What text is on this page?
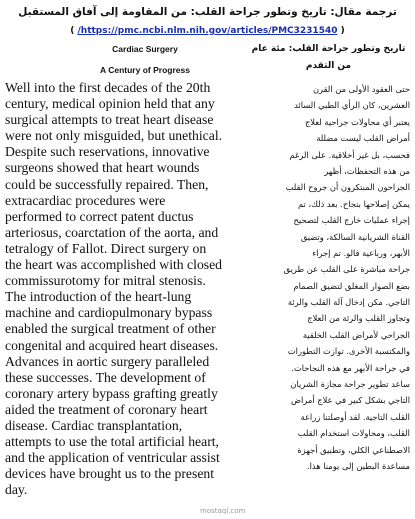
ترجمة مقال: تاريخ وتطور جراحة القلب: من المقاومة إلى آفاق المستقبل
( /https://pmc.ncbi.nlm.nih.gov/articles/PMC3231540 )
Cardiac Surgery
A Century of Progress
Well into the first decades of the 20th
century, medical opinion held that any
surgical attempts to treat heart disease
were not only misguided, but unethical.
Despite such reservations, innovative
surgeons showed that heart wounds
could be successfully repaired. Then,
extracardiac procedures were
performed to correct patent ductus
arteriosus, coarctation of the aorta, and
tetralogy of Fallot. Direct surgery on
the heart was accomplished with closed
commissurotomy for mitral stenosis.
The introduction of the heart-lung
machine and cardiopulmonary bypass
enabled the surgical treatment of other
congenital and acquired heart diseases.
Advances in aortic surgery paralleled
these successes. The development of
coronary artery bypass grafting greatly
aided the treatment of coronary heart
disease. Cardiac transplantation,
attempts to use the total artificial heart,
and the application of ventricular assist
devices have brought us to the present
day.
تاريخ وتطور جراحة القلب: مئة عام
من التقدم
حتى العقود الأولى من القرن
العشرين، كان الرأي الطبي السائد
يعتبر أي محاولات جراحية لعلاج
أمراض القلب ليست مضللة
فحسب، بل غير أخلاقية. على الرغم
من هذه التحفظات، أظهر
الجراحون المبتكرون أن جروح القلب
يمكن إصلاحها بنجاح. بعد ذلك، تم
إجراء عمليات خارج القلب لتصحيح
القناة الشريانية السالكة، وتضيق
الأبهر، ورباعية فالو. تم إجراء
جراحة مباشرة على القلب عن طريق
بضع الصوار المغلق لتضيق الصمام
التاجي. مكن إدخال آلة القلب والرئة
وتجاوز القلب والرئة من العلاج
الجراحي لأمراض القلب الخلقية
والمكتسبة الأخرى. توازت التطورات
في جراحة الأبهر مع هذه النجاحات.
ساعد تطوير جراحة مجازة الشريان
التاجي بشكل كبير في علاج أمراض
القلب التاجية. لقد أوصلتنا زراعة
القلب، ومحاولات استخدام القلب
الاصطناعي الكلي، وتطبيق أجهزة
مساعدة البطين إلى يومنا هذا.
mostaql.com
